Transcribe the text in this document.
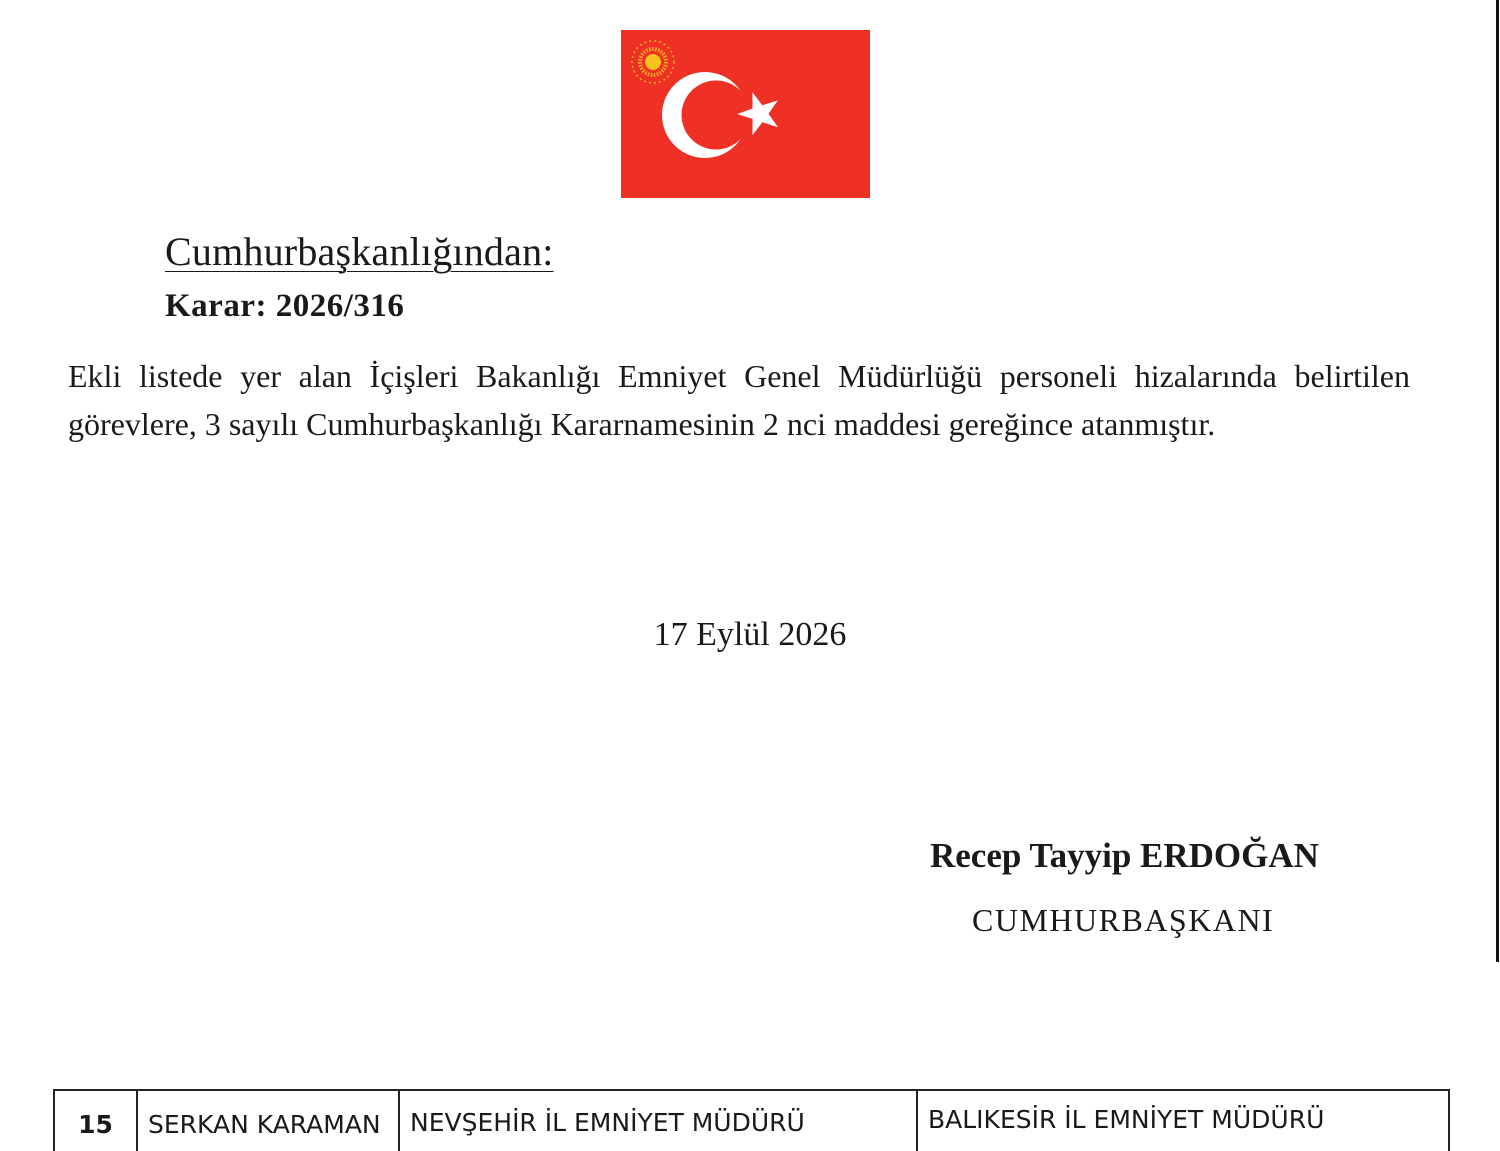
Cumhurbaşkanlığından:
Karar: 2026/316
Ekli listede yer alan İçişleri Bakanlığı Emniyet Genel Müdürlüğü personeli hizalarında belirtilen görevlere, 3 sayılı Cumhurbaşkanlığı Kararnamesinin 2 nci maddesi gereğince atanmıştır.
17 Eylül 2026
Recep Tayyip ERDOĞAN
CUMHURBAŞKANI
15	SERKAN KARAMAN	NEVŞEHİR İL EMNİYET MÜDÜRÜ	BALIKESİR İL EMNİYET MÜDÜRÜ
